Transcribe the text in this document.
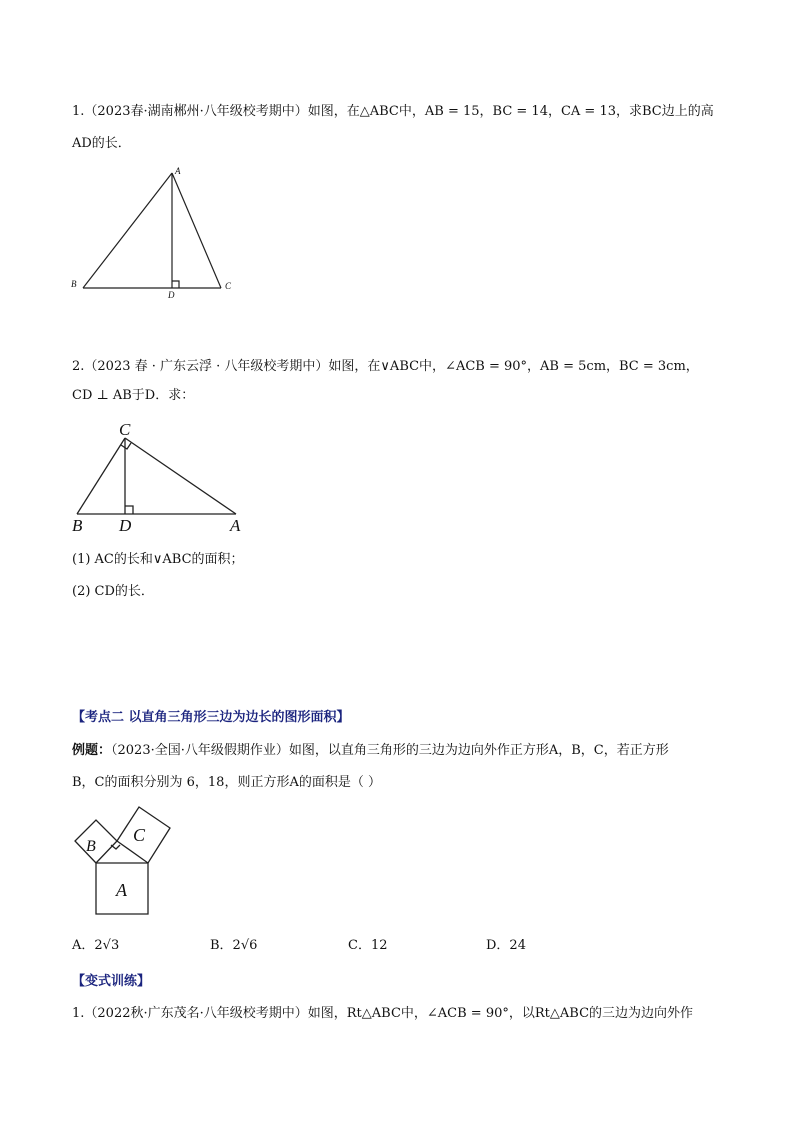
1.（2023春·湖南郴州·八年级校考期中）如图，在△ABC中，AB = 15，BC = 14，CA = 13，求BC边上的高
AD的长．
A
B	C
D
2.（2023 春 · 广东云浮 · 八年级校考期中）如图，在∨ABC中，∠ACB = 90°，AB = 5cm，BC = 3cm，
CD ⊥ AB于D．求：
C
B D	A
(1) AC的长和∨ABC的面积；
(2) CD的长．
【考点二 以直角三角形三边为边长的图形面积】
例题：（2023·全国·八年级假期作业）如图，以直角三角形的三边为边向外作正方形A，B，C，若正方形
B，C的面积分别为 6，18，则正方形A的面积是（ ）
A
B
C
A．2√3	B．2√6	C．12	D．24
【变式训练】
1.（2022秋·广东茂名·八年级校考期中）如图，Rt△ABC中，∠ACB = 90°，以Rt△ABC的三边为边向外作
